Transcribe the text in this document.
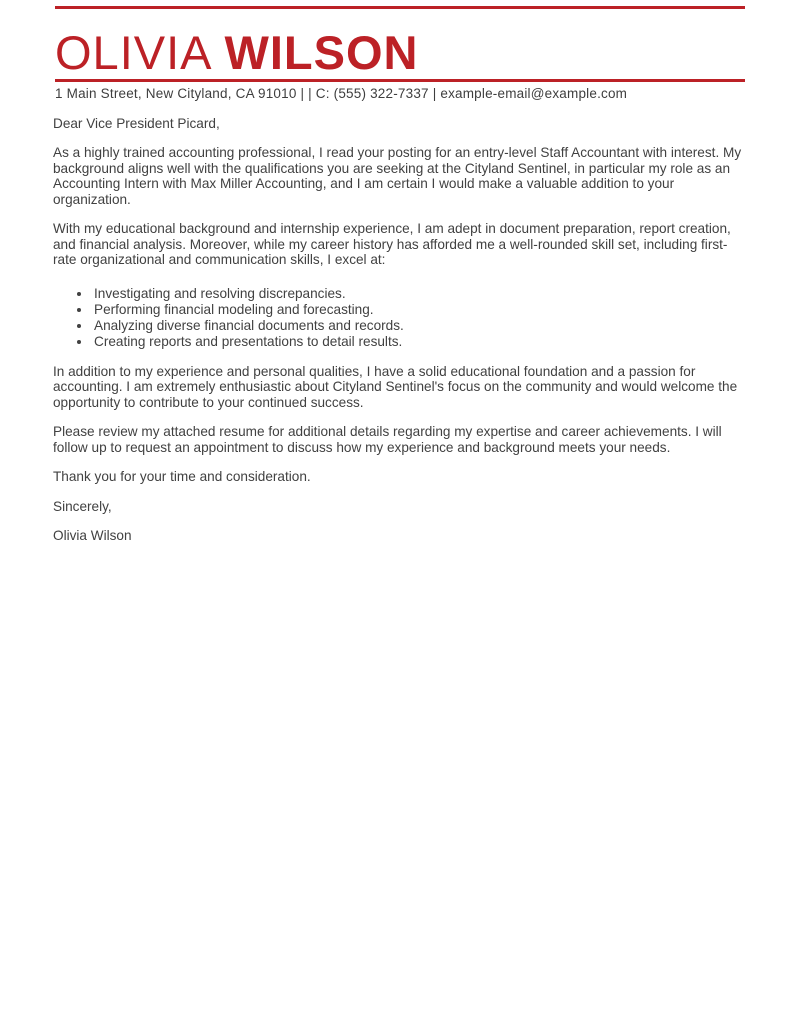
OLIVIA WILSON
1 Main Street, New Cityland, CA 91010 | | C: (555) 322-7337 | example-email@example.com

Dear Vice President Picard,

As a highly trained accounting professional, I read your posting for an entry-level Staff Accountant with interest. My background aligns well with the qualifications you are seeking at the Cityland Sentinel, in particular my role as an Accounting Intern with Max Miller Accounting, and I am certain I would make a valuable addition to your organization.

With my educational background and internship experience, I am adept in document preparation, report creation, and financial analysis. Moreover, while my career history has afforded me a well-rounded skill set, including first-rate organizational and communication skills, I excel at:

• Investigating and resolving discrepancies.
• Performing financial modeling and forecasting.
• Analyzing diverse financial documents and records.
• Creating reports and presentations to detail results.

In addition to my experience and personal qualities, I have a solid educational foundation and a passion for accounting. I am extremely enthusiastic about Cityland Sentinel's focus on the community and would welcome the opportunity to contribute to your continued success.

Please review my attached resume for additional details regarding my expertise and career achievements. I will follow up to request an appointment to discuss how my experience and background meets your needs.

Thank you for your time and consideration.

Sincerely,

Olivia Wilson
